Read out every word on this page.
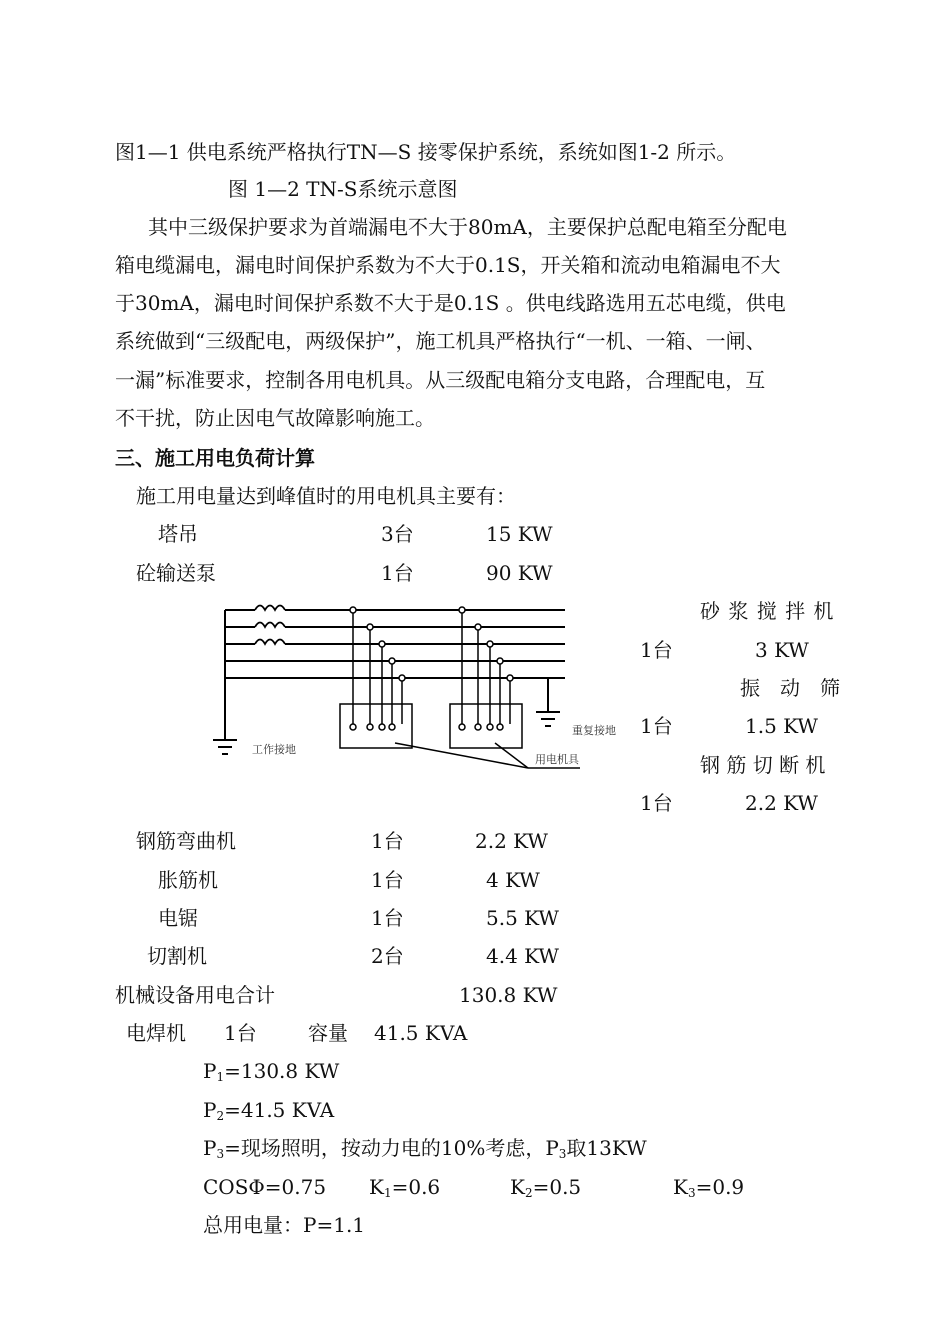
图1—1 供电系统严格执行TN—S 接零保护系统，系统如图1-2 所示。
图 1—2 TN-S系统示意图
其中三级保护要求为首端漏电不大于80mA，主要保护总配电箱至分配电
箱电缆漏电，漏电时间保护系数为不大于0.1S，开关箱和流动电箱漏电不大
于30mA，漏电时间保护系数不大于是0.1S 。供电线路选用五芯电缆，供电
系统做到“三级配电，两级保护”，施工机具严格执行“一机、一箱、一闸、
一漏”标准要求，控制各用电机具。从三级配电箱分支电路，合理配电，互
不干扰，防止因电气故障影响施工。
三、施工用电负荷计算
施工用电量达到峰值时的用电机具主要有：
塔吊	3台	15 KW
砼输送泵	1台	90 KW
砂 浆 搅 拌 机
1台	3 KW
振　动　筛
1台	1.5 KW
钢 筋 切 断 机
1台	2.2 KW
工作接地
重复接地
用电机具
钢筋弯曲机	1台	2.2 KW
胀筋机	1台	4 KW
电锯	1台	5.5 KW
切割机	2台	4.4 KW
机械设备用电合计	130.8 KW
电焊机 1台	容量 41.5 KVA
$P_1=130.8$ KW
$P_2=41.5$ KVA
$P_3=$现场照明，按动力电的10%考虑，$P_3$取13KW
COSΦ=0.75 $K_1=0.6$	$K_2=0.5$	$K_3=0.9$
总用电量：P=1.1
